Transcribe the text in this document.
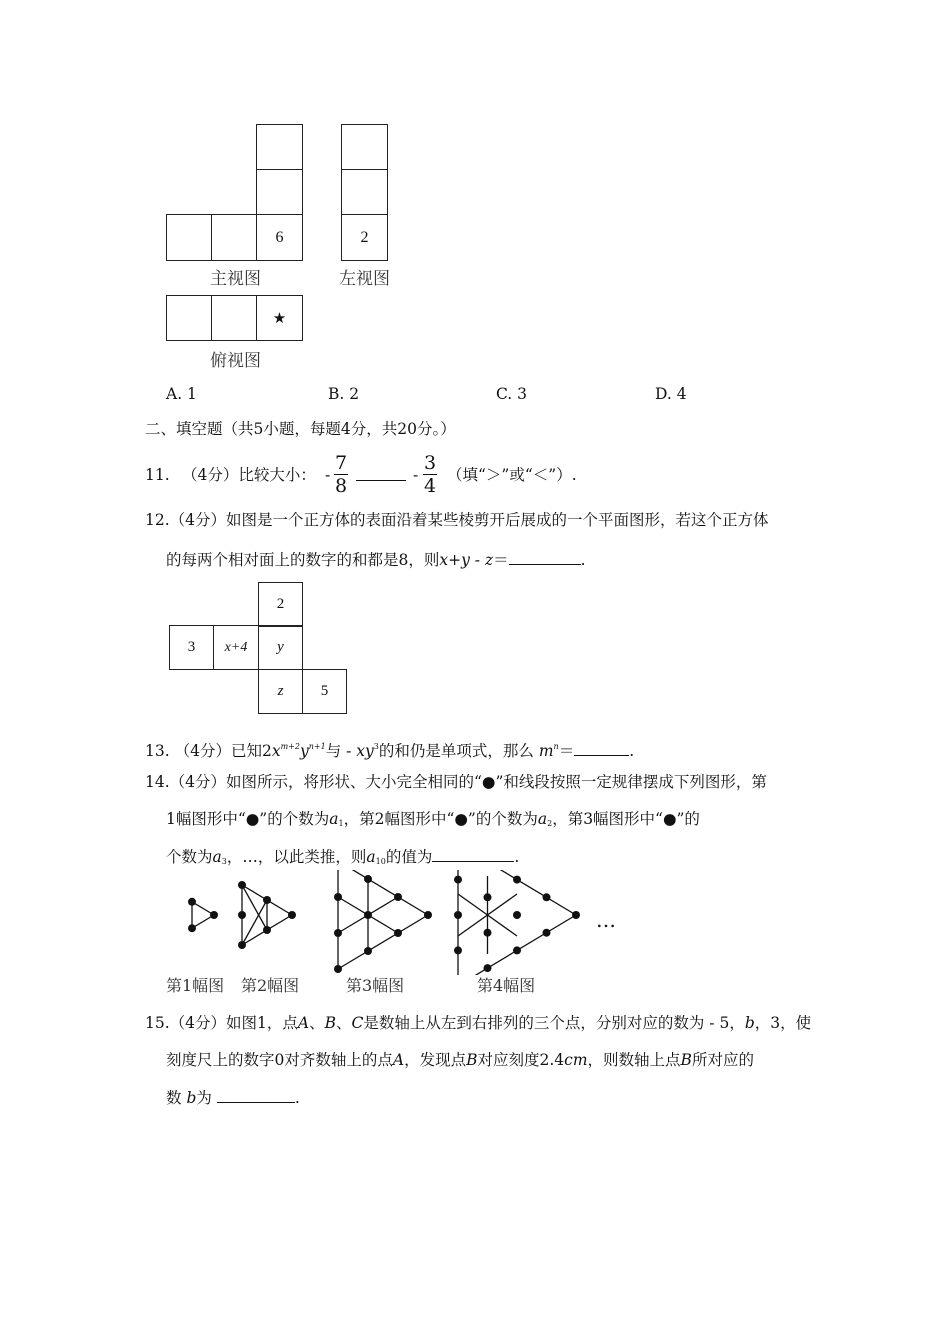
6
主视图
2
左视图
★
俯视图
A. 1	B. 2	C. 3	D. 4
二、填空题（共5小题，每题4分，共20分。）
11. （4分）比较大小： -
7
8	-
3
4 （填“＞”或“＜”）.
12.（4分）如图是一个正方体的表面沿着某些棱剪开后展成的一个平面图形，若这个正方体
的每两个相对面上的数字的和都是8，则x+y - z＝	.
2
3 x+4 y
z 5
13. （4分）已知$2x^{m+2}y^{n+1}$与 - $xy^3$的和仍是单项式，那么 $m^n=$	.
14.（4分）如图所示，将形状、大小完全相同的“●”和线段按照一定规律摆成下列图形，第
1幅图形中“●”的个数为$a_1$，第2幅图形中“●”的个数为$a_2$，第3幅图形中“●”的
个数为$a_3$，…，以此类推，则$a_{10}$的值为	.
…
第1幅图 第2幅图	第3幅图	第4幅图
15.（4分）如图1，点A、B、C是数轴上从左到右排列的三个点，分别对应的数为 - 5，b，3，使
刻度尺上的数字0对齐数轴上的点A，发现点B对应刻度2.4cm，则数轴上点B所对应的
数 b为	.
